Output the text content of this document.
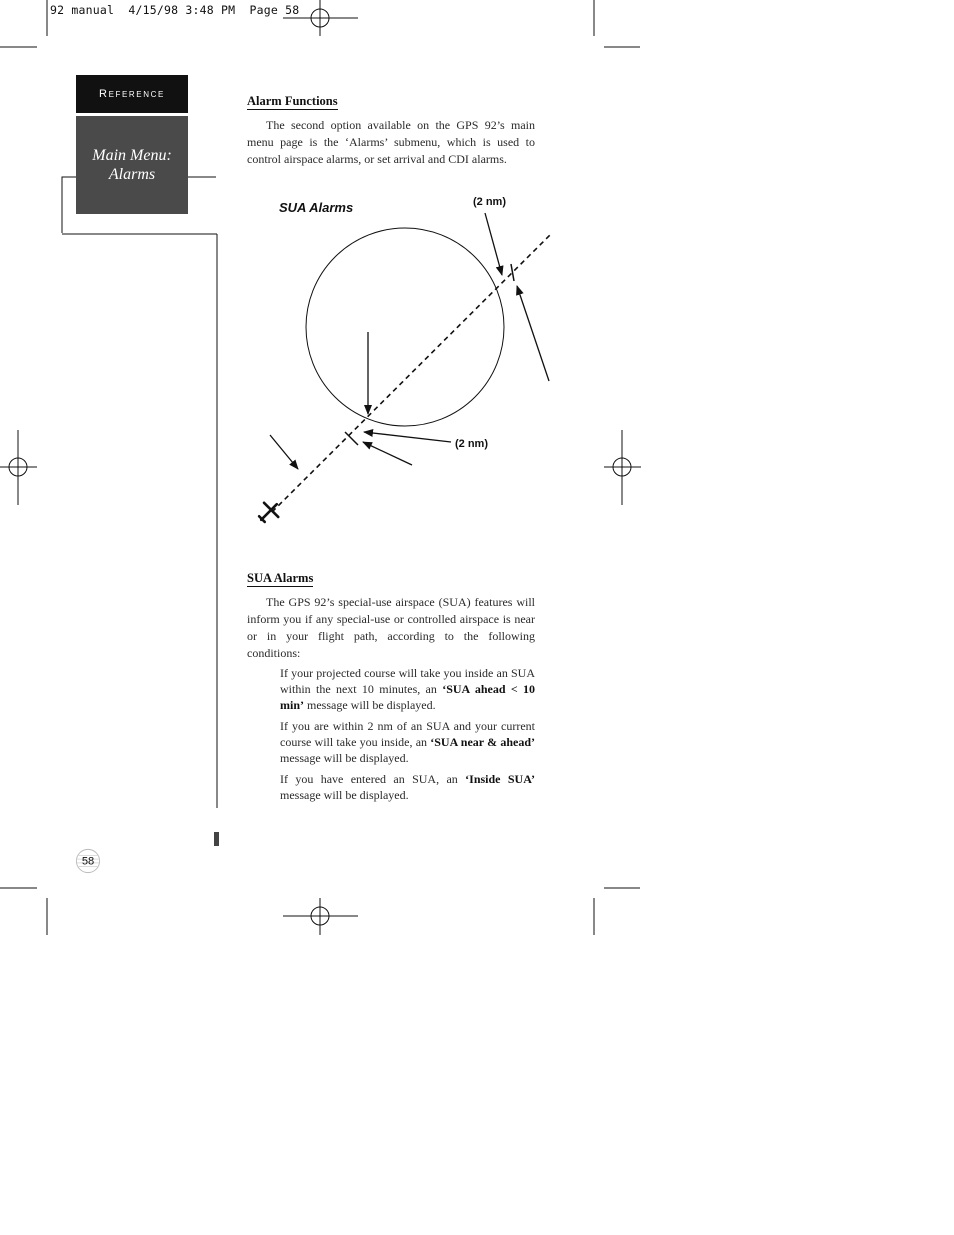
92 manual  4/15/98 3:48 PM  Page 58
Reference
Main Menu:
Alarms
Alarm Functions

The second option available on the GPS 92’s main menu page is the ‘Alarms’ submenu, which is used to control airspace alarms, or set arrival and CDI alarms.

SUA Alarms	(2 nm)
(2 nm)
SUA Alarms

The GPS 92’s special-use airspace (SUA) features will inform you if any special-use or controlled airspace is near or in your flight path, according to the following conditions:

If your projected course will take you inside an SUA within the next 10 minutes, an ‘SUA ahead < 10 min’ message will be displayed.

If you are within 2 nm of an SUA and your current course will take you inside, an ‘SUA near & ahead’ message will be displayed.

If you have entered an SUA, an ‘Inside SUA’ message will be displayed.

58
